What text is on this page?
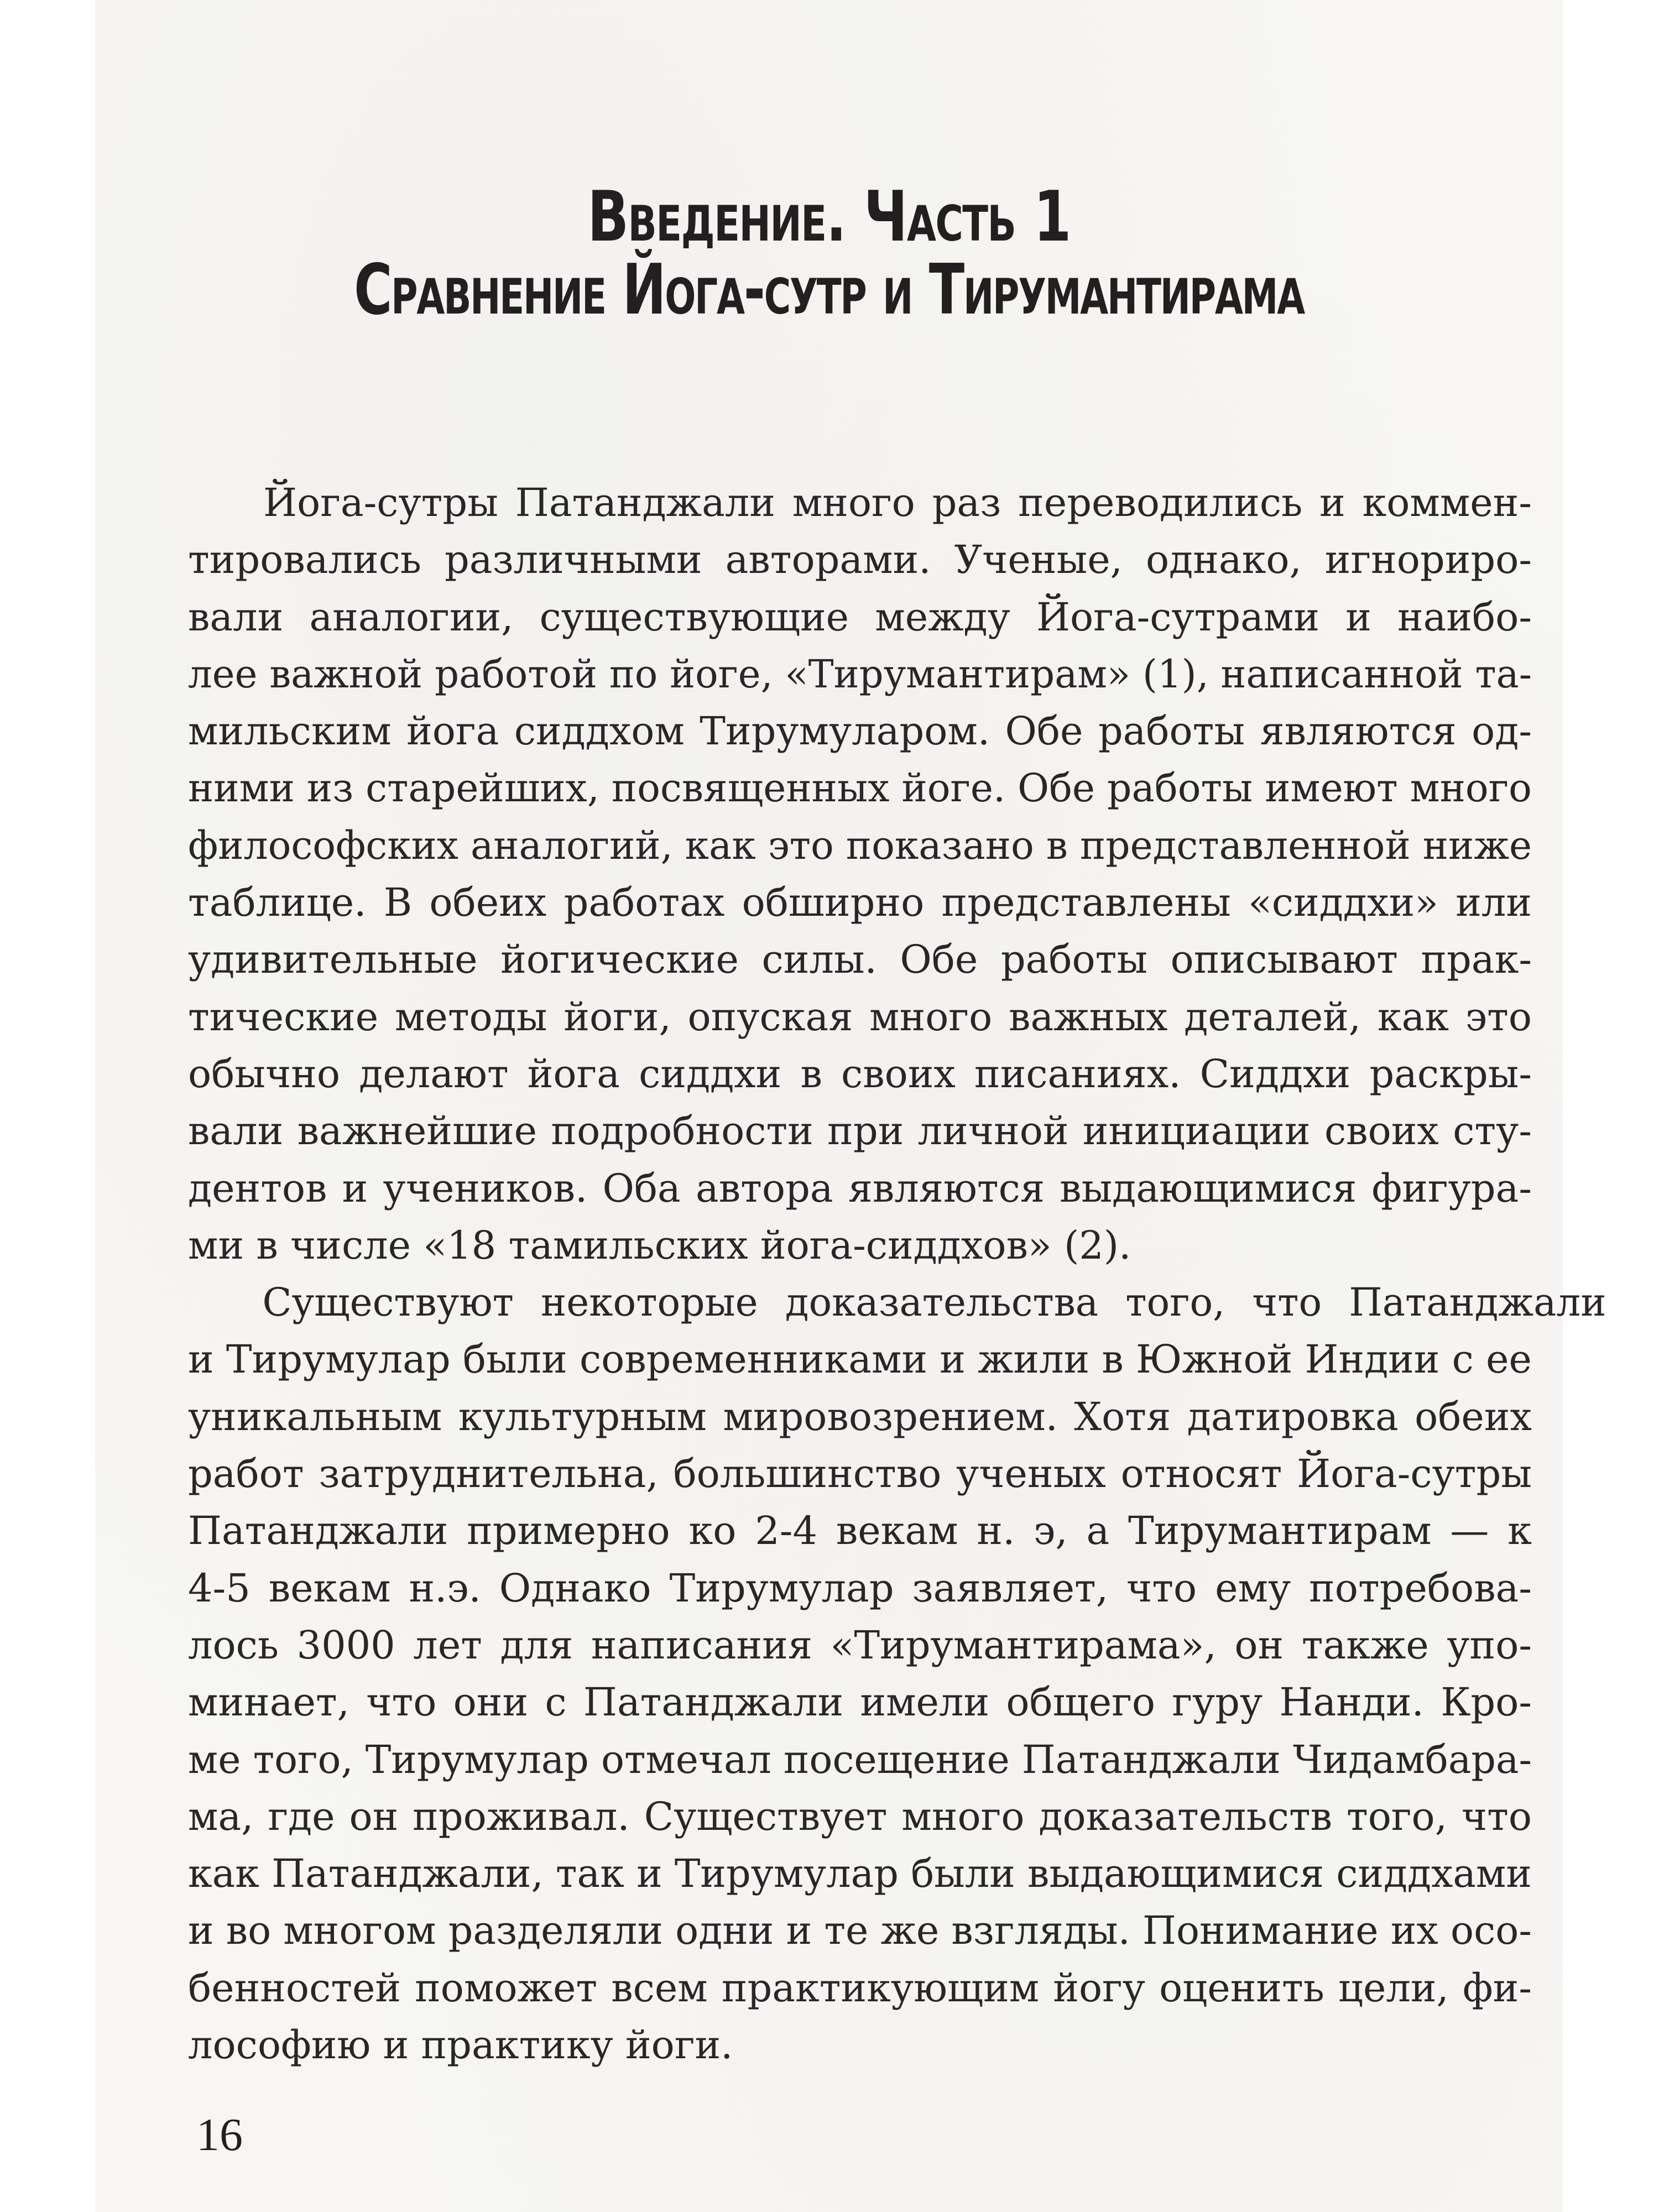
Введение. Часть 1
Сравнение Йога-сутр и Тирумантирама
Йога-сутры Патанджали много раз переводились и коммен-
тировались различными авторами. Ученые, однако, игнориро-
вали аналогии, существующие между Йога-сутрами и наибо-
лее важной работой по йоге, «Тирумантирам» (1), написанной та-
мильским йога сиддхом Тирумуларом. Обе работы являются од-
ними из старейших, посвященных йоге. Обе работы имеют много
философских аналогий, как это показано в представленной ниже
таблице. В обеих работах обширно представлены «сиддхи» или
удивительные йогические силы. Обе работы описывают прак-
тические методы йоги, опуская много важных деталей, как это
обычно делают йога сиддхи в своих писаниях. Сиддхи раскры-
вали важнейшие подробности при личной инициации своих сту-
дентов и учеников. Оба автора являются выдающимися фигура-
ми в числе «18 тамильских йога-сиддхов» (2).
Существуют некоторые доказательства того, что Патанджали
и Тирумулар были современниками и жили в Южной Индии с ее
уникальным культурным мировозрением. Хотя датировка обеих
работ затруднительна, большинство ученых относят Йога-сутры
Патанджали примерно ко 2-4 векам н. э, а Тирумантирам — к
4-5 векам н.э. Однако Тирумулар заявляет, что ему потребова-
лось 3000 лет для написания «Тирумантирама», он также упо-
минает, что они с Патанджали имели общего гуру Нанди. Кро-
ме того, Тирумулар отмечал посещение Патанджали Чидамбара-
ма, где он проживал. Существует много доказательств того, что
как Патанджали, так и Тирумулар были выдающимися сиддхами
и во многом разделяли одни и те же взгляды. Понимание их осо-
бенностей поможет всем практикующим йогу оценить цели, фи-
лософию и практику йоги.
16
